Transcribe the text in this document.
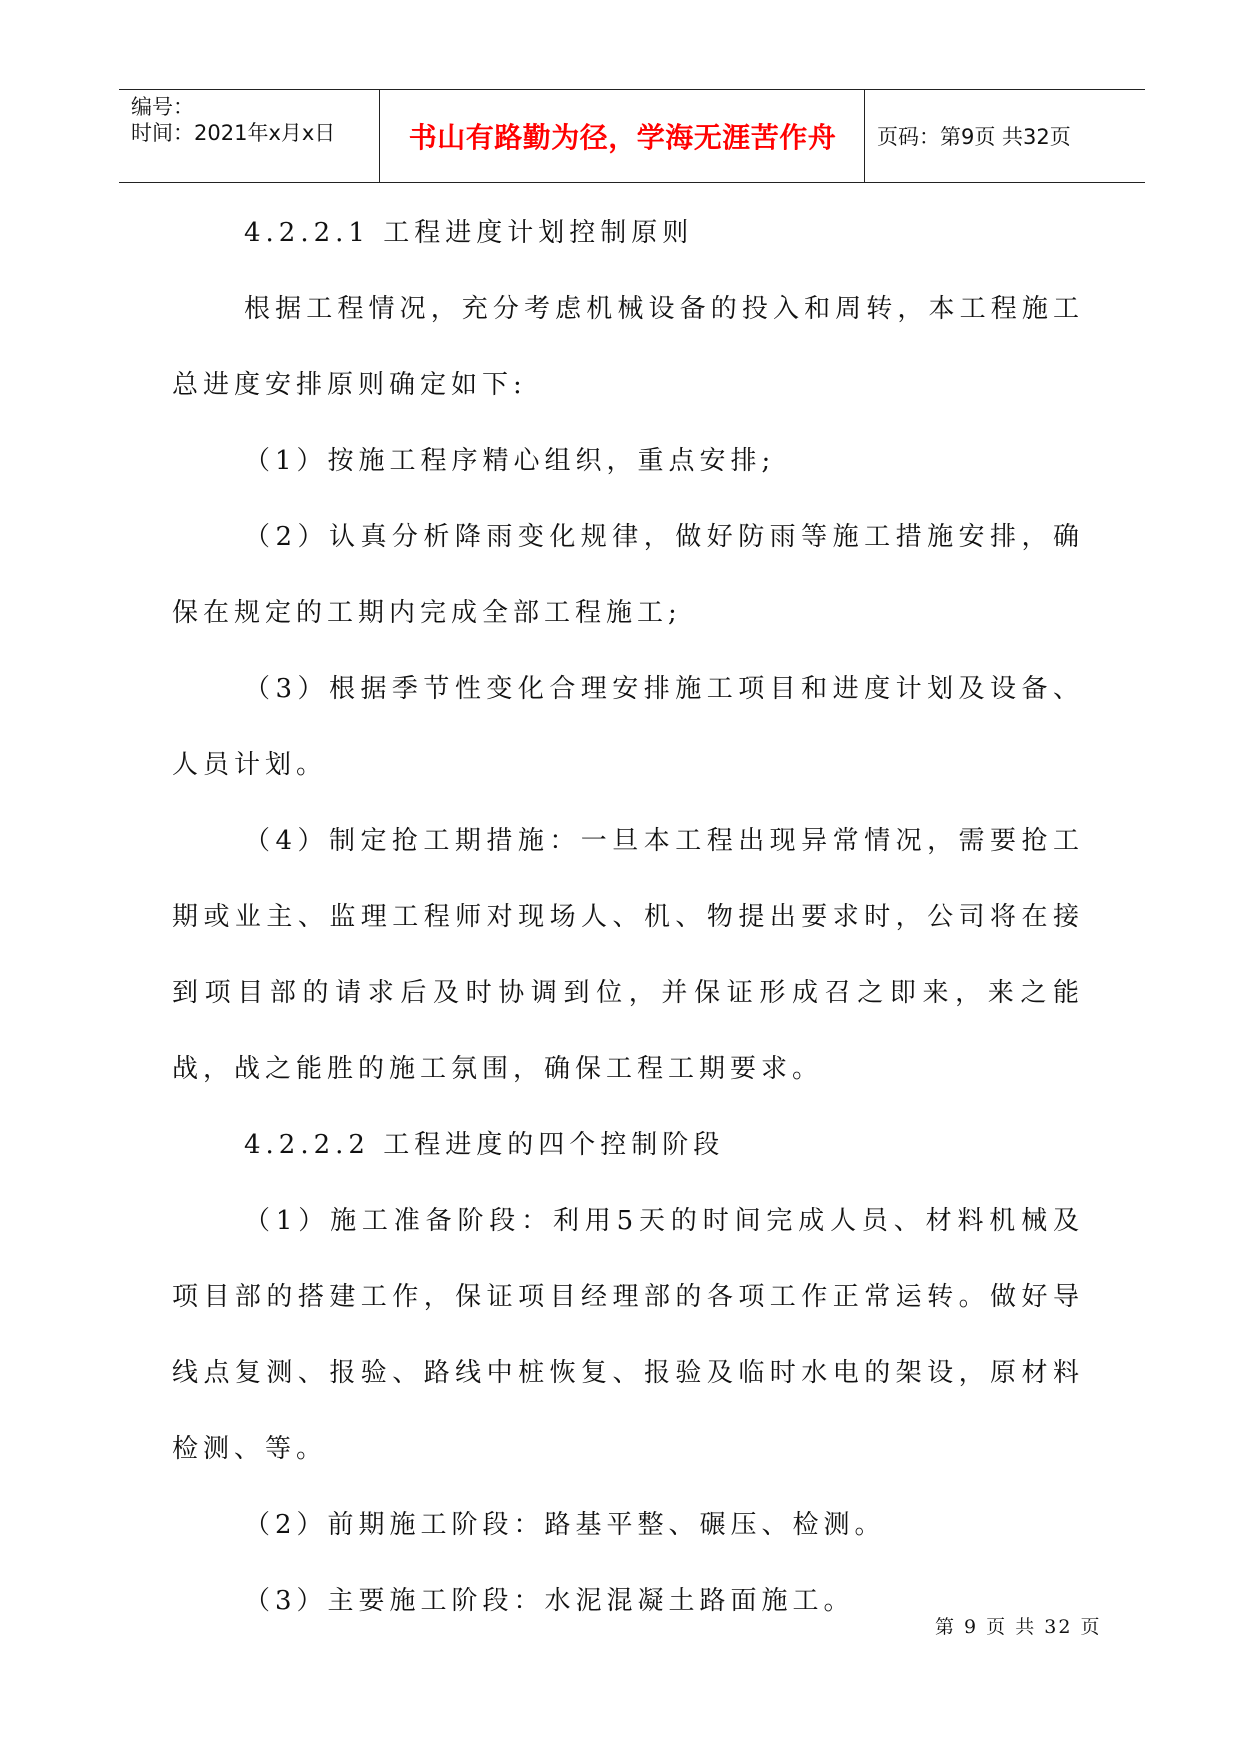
编号：
时间：2021年x月x日	书山有路勤为径，学海无涯苦作舟	页码：第9页 共32页

4.2.2.1 工程进度计划控制原则

根据工程情况，充分考虑机械设备的投入和周转，本工程施工总进度安排原则确定如下:

（1）按施工程序精心组织，重点安排;

（2）认真分析降雨变化规律，做好防雨等施工措施安排，确保在规定的工期内完成全部工程施工;

（3）根据季节性变化合理安排施工项目和进度计划及设备、人员计划。

（4）制定抢工期措施：一旦本工程出现异常情况，需要抢工期或业主、监理工程师对现场人、机、物提出要求时，公司将在接到项目部的请求后及时协调到位，并保证形成召之即来，来之能战，战之能胜的施工氛围，确保工程工期要求。

4.2.2.2 工程进度的四个控制阶段

（1）施工准备阶段：利用5天的时间完成人员、材料机械及项目部的搭建工作，保证项目经理部的各项工作正常运转。做好导线点复测、报验、路线中桩恢复、报验及临时水电的架设，原材料检测、等。

（2）前期施工阶段：路基平整、碾压、检测。

（3）主要施工阶段：水泥混凝土路面施工。

第 9 页 共 32 页
